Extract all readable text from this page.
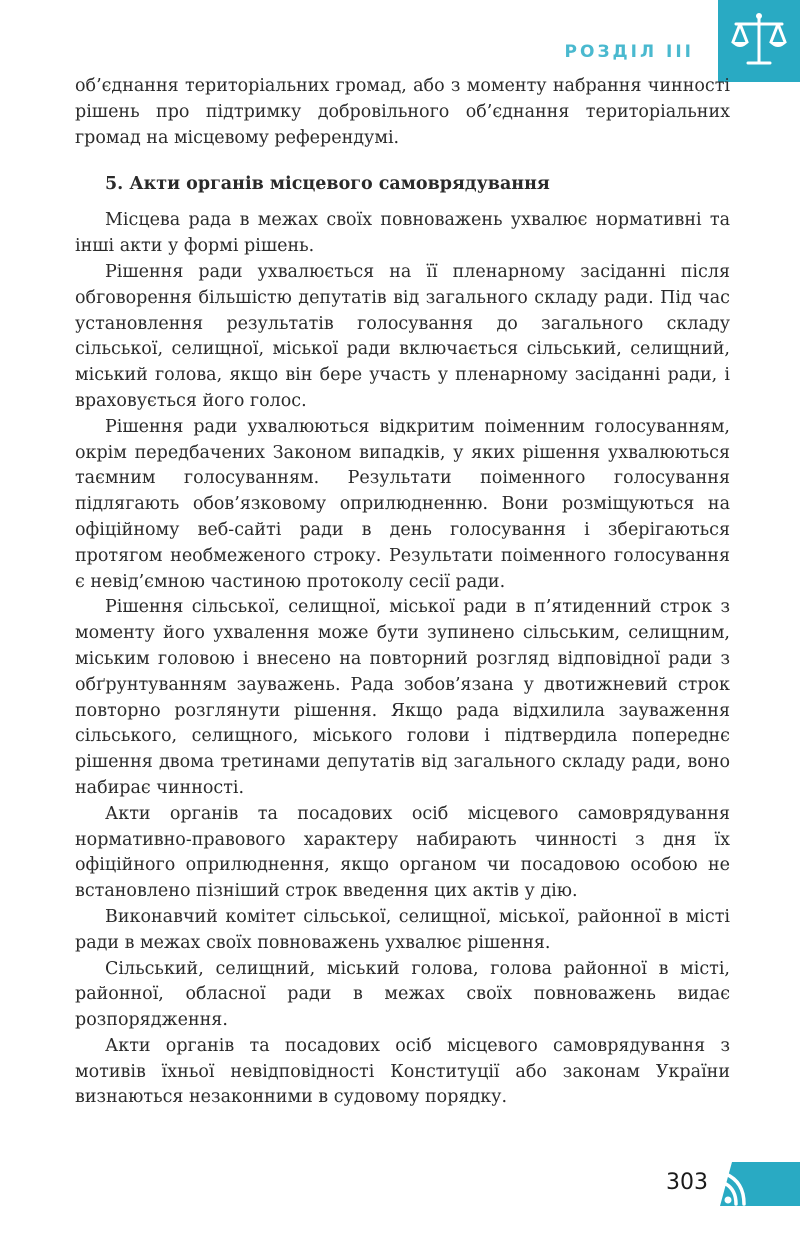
РОЗДІЛ ІІІ

об’єднання територіальних громад, або з моменту набрання чинності рішень про підтримку добровільного об’єднання територіальних громад на місцевому референдумі.

5. Акти органів місцевого самоврядування

Місцева рада в межах своїх повноважень ухвалює нормативні та інші акти у формі рішень.

Рішення ради ухвалюється на її пленарному засіданні після обговорення більшістю депутатів від загального складу ради. Під час установлення результатів голосування до загального складу сільської, селищної, міської ради включається сільський, селищний, міський голова, якщо він бере участь у пленарному засіданні ради, і враховується його голос.

Рішення ради ухвалюються відкритим поіменним голосуванням, окрім передбачених Законом випадків, у яких рішення ухвалюються таємним голосуванням. Результати поіменного голосування підлягають обов’язковому оприлюдненню. Вони розміщуються на офіційному веб-сайті ради в день голосування і зберігаються протягом необмеженого строку. Результати поіменного голосування є невід’ємною частиною протоколу сесії ради.

Рішення сільської, селищної, міської ради в п’ятиденний строк з моменту його ухвалення може бути зупинено сільським, селищним, міським головою і внесено на повторний розгляд відповідної ради з обґрунтуванням зауважень. Рада зобов’язана у двотижневий строк повторно розглянути рішення. Якщо рада відхилила зауваження сільського, селищного, міського голови і підтвердила попереднє рішення двома третинами депутатів від загального складу ради, воно набирає чинності.

Акти органів та посадових осіб місцевого самоврядування нормативно-правового характеру набирають чинності з дня їх офіційного оприлюднення, якщо органом чи посадовою особою не встановлено пізніший строк введення цих актів у дію.

Виконавчий комітет сільської, селищної, міської, районної в місті ради в межах своїх повноважень ухвалює рішення.

Сільський, селищний, міський голова, голова районної в місті, районної, обласної ради в межах своїх повноважень видає розпорядження.

Акти органів та посадових осіб місцевого самоврядування з мотивів їхньої невідповідності Конституції або законам України визнаються незаконними в судовому порядку.

303
